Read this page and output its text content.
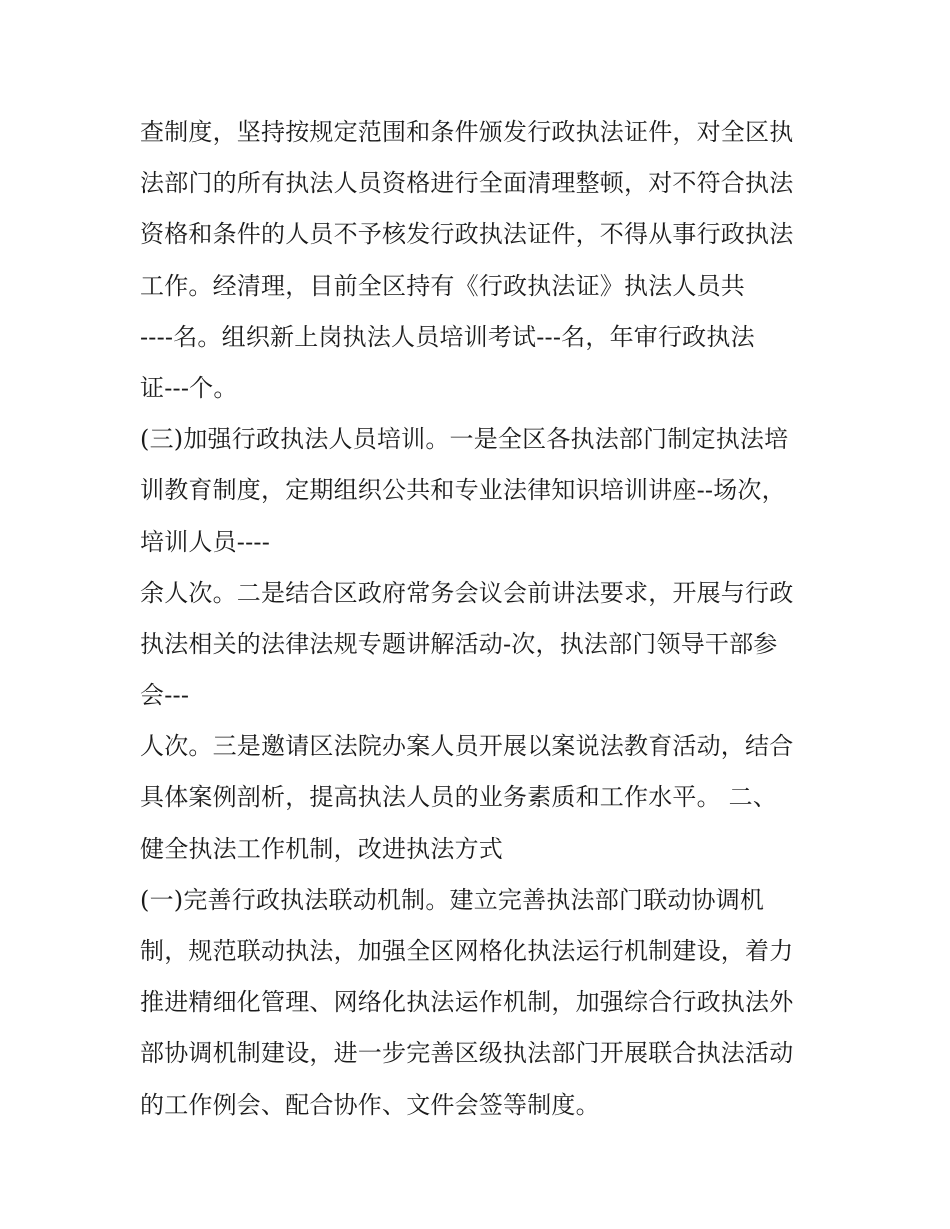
查制度，坚持按规定范围和条件颁发行政执法证件，对全区执
法部门的所有执法人员资格进行全面清理整顿，对不符合执法
资格和条件的人员不予核发行政执法证件，不得从事行政执法
工作。经清理，目前全区持有《行政执法证》执法人员共
----名。组织新上岗执法人员培训考试---名，年审行政执法
证---个。
(三)加强行政执法人员培训。一是全区各执法部门制定执法培
训教育制度，定期组织公共和专业法律知识培训讲座--场次，
培训人员----
余人次。二是结合区政府常务会议会前讲法要求，开展与行政
执法相关的法律法规专题讲解活动-次，执法部门领导干部参
会---
人次。三是邀请区法院办案人员开展以案说法教育活动，结合
具体案例剖析，提高执法人员的业务素质和工作水平。 二、
健全执法工作机制，改进执法方式
(一)完善行政执法联动机制。建立完善执法部门联动协调机
制，规范联动执法，加强全区网格化执法运行机制建设，着力
推进精细化管理、网络化执法运作机制，加强综合行政执法外
部协调机制建设，进一步完善区级执法部门开展联合执法活动
的工作例会、配合协作、文件会签等制度。
